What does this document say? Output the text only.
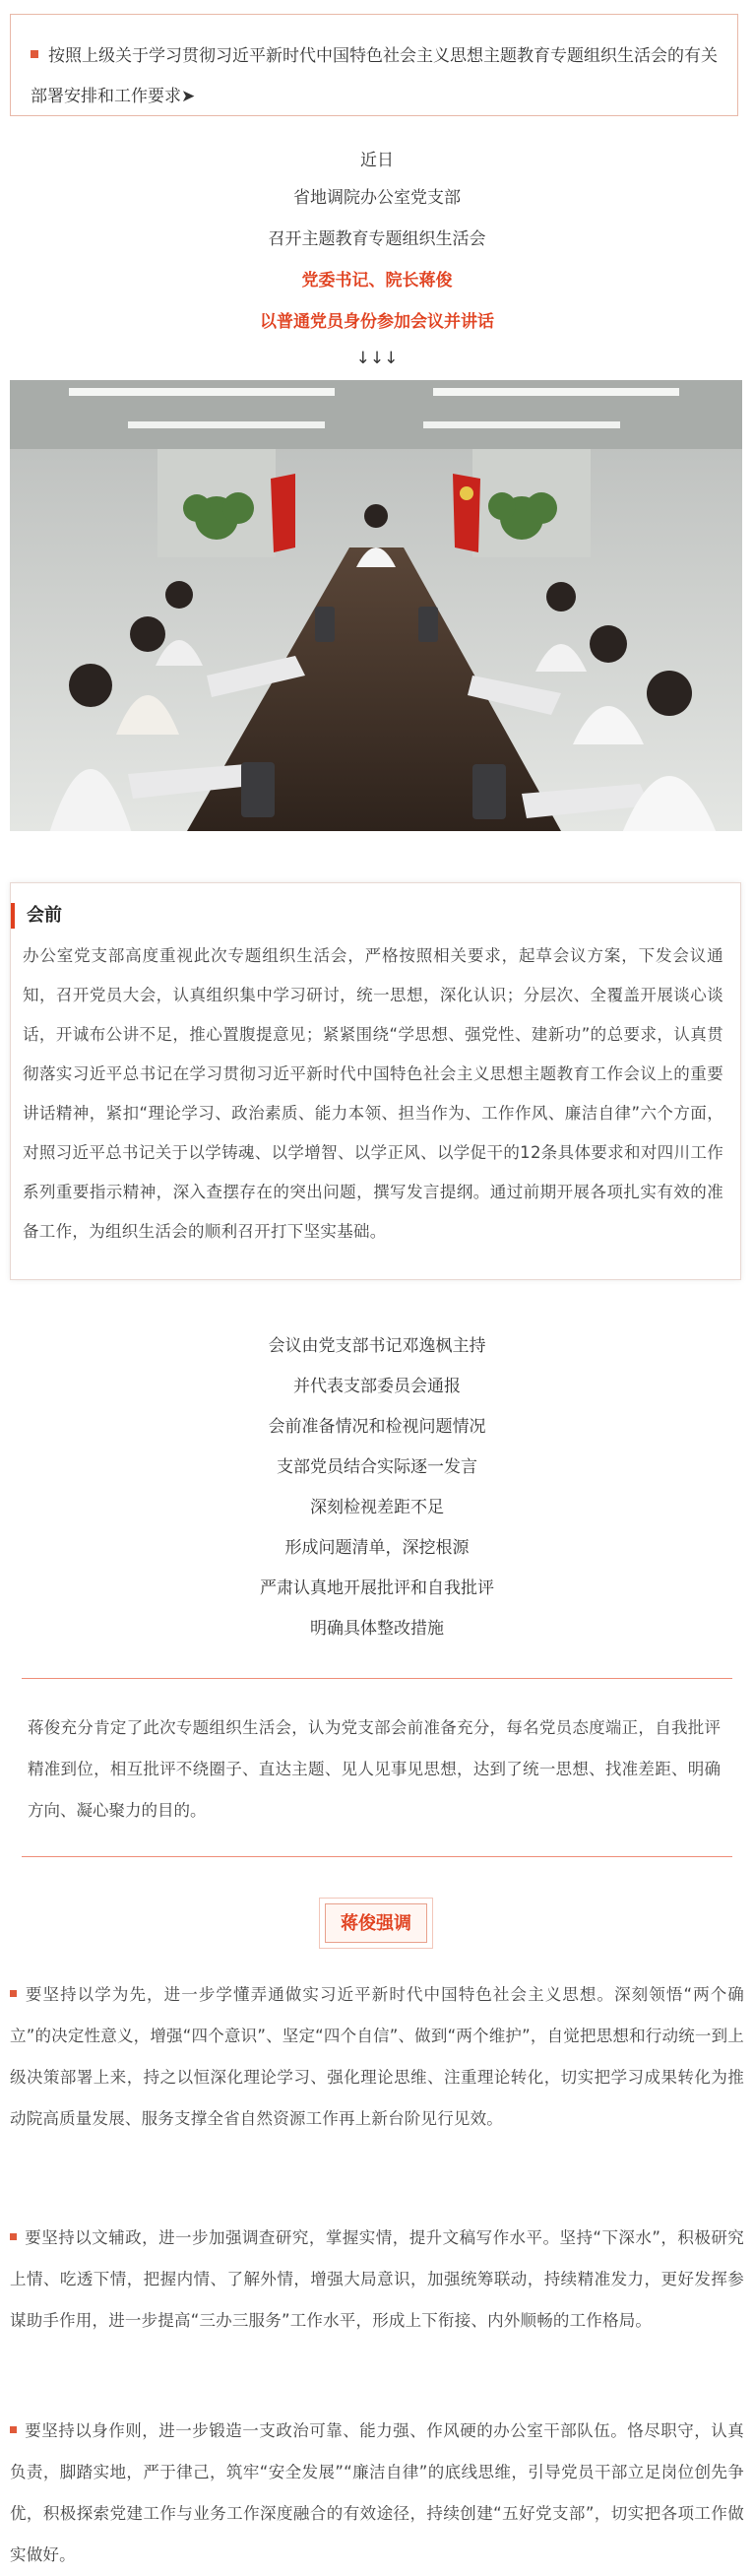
按照上级关于学习贯彻习近平新时代中国特色社会主义思想主题教育专题组织生活会的有关部署安排和工作要求➤
近日
省地调院办公室党支部
召开主题教育专题组织生活会
党委书记、院长蒋俊
以普通党员身份参加会议并讲话
↓↓↓
会前
办公室党支部高度重视此次专题组织生活会，严格按照相关要求，起草会议方案，下发会议通知，召开党员大会，认真组织集中学习研讨，统一思想，深化认识；分层次、全覆盖开展谈心谈话，开诚布公讲不足，推心置腹提意见；紧紧围绕“学思想、强党性、建新功”的总要求，认真贯彻落实习近平总书记在学习贯彻习近平新时代中国特色社会主义思想主题教育工作会议上的重要讲话精神，紧扣“理论学习、政治素质、能力本领、担当作为、工作作风、廉洁自律”六个方面，对照习近平总书记关于以学铸魂、以学增智、以学正风、以学促干的12条具体要求和对四川工作系列重要指示精神，深入查摆存在的突出问题，撰写发言提纲。通过前期开展各项扎实有效的准备工作，为组织生活会的顺利召开打下坚实基础。
会议由党支部书记邓逸枫主持
并代表支部委员会通报
会前准备情况和检视问题情况
支部党员结合实际逐一发言
深刻检视差距不足
形成问题清单，深挖根源
严肃认真地开展批评和自我批评
明确具体整改措施
蒋俊充分肯定了此次专题组织生活会，认为党支部会前准备充分，每名党员态度端正，自我批评精准到位，相互批评不绕圈子、直达主题、见人见事见思想，达到了统一思想、找准差距、明确方向、凝心聚力的目的。
蒋俊强调
要坚持以学为先，进一步学懂弄通做实习近平新时代中国特色社会主义思想。深刻领悟“两个确立”的决定性意义，增强“四个意识”、坚定“四个自信”、做到“两个维护”，自觉把思想和行动统一到上级决策部署上来，持之以恒深化理论学习、强化理论思维、注重理论转化，切实把学习成果转化为推动院高质量发展、服务支撑全省自然资源工作再上新台阶见行见效。
要坚持以文辅政，进一步加强调查研究，掌握实情，提升文稿写作水平。坚持“下深水”，积极研究上情、吃透下情，把握内情、了解外情，增强大局意识，加强统筹联动，持续精准发力，更好发挥参谋助手作用，进一步提高“三办三服务”工作水平，形成上下衔接、内外顺畅的工作格局。
要坚持以身作则，进一步锻造一支政治可靠、能力强、作风硬的办公室干部队伍。恪尽职守，认真负责，脚踏实地，严于律己，筑牢“安全发展”“廉洁自律”的底线思维，引导党员干部立足岗位创先争优，积极探索党建工作与业务工作深度融合的有效途径，持续创建“五好党支部”，切实把各项工作做实做好。
